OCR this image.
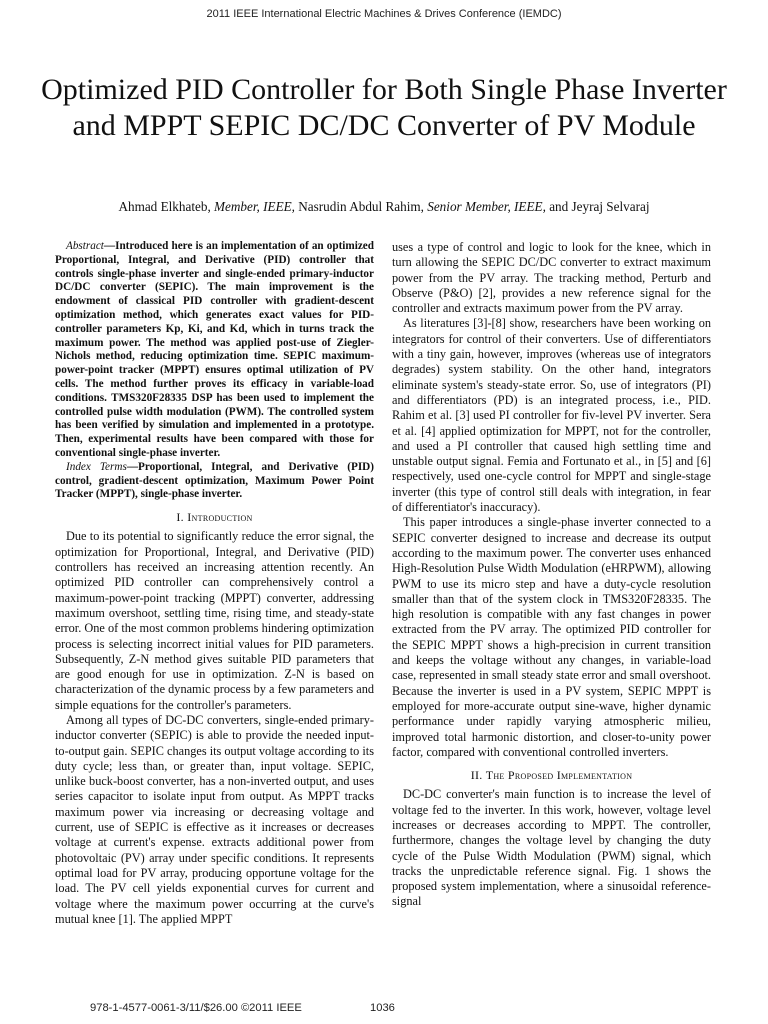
2011 IEEE International Electric Machines & Drives Conference (IEMDC)
Optimized PID Controller for Both Single Phase Inverter and MPPT SEPIC DC/DC Converter of PV Module
Ahmad Elkhateb, Member, IEEE, Nasrudin Abdul Rahim, Senior Member, IEEE, and Jeyraj Selvaraj

Abstract—Introduced here is an implementation of an optimized Proportional, Integral, and Derivative (PID) controller that controls single-phase inverter and single-ended primary-inductor DC/DC converter (SEPIC). The main improvement is the endowment of classical PID controller with gradient-descent optimization method, which generates exact values for PID-controller parameters Kp, Ki, and Kd, which in turns track the maximum power. The method was applied post-use of Ziegler-Nichols method, reducing optimization time. SEPIC maximum-power-point tracker (MPPT) ensures optimal utilization of PV cells. The method further proves its efficacy in variable-load conditions. TMS320F28335 DSP has been used to implement the controlled pulse width modulation (PWM). The controlled system has been verified by simulation and implemented in a prototype. Then, experimental results have been compared with those for conventional single-phase inverter.

Index Terms—Proportional, Integral, and Derivative (PID) control, gradient-descent optimization, Maximum Power Point Tracker (MPPT), single-phase inverter.

I. Introduction

Due to its potential to significantly reduce the error signal, the optimization for Proportional, Integral, and Derivative (PID) controllers has received an increasing attention recently. An optimized PID controller can comprehensively control a maximum-power-point tracking (MPPT) converter, addressing maximum overshoot, settling time, rising time, and steady-state error. One of the most common problems hindering optimization process is selecting incorrect initial values for PID parameters. Subsequently, Z-N method gives suitable PID parameters that are good enough for use in optimization. Z-N is based on characterization of the dynamic process by a few parameters and simple equations for the controller's parameters.

Among all types of DC-DC converters, single-ended primary-inductor converter (SEPIC) is able to provide the needed input-to-output gain. SEPIC changes its output voltage according to its duty cycle; less than, or greater than, input voltage. SEPIC, unlike buck-boost converter, has a non-inverted output, and uses series capacitor to isolate input from output. As MPPT tracks maximum power via increasing or decreasing voltage and current, use of SEPIC is effective as it increases or decreases voltage at current's expense. extracts additional power from photovoltaic (PV) array under specific conditions. It represents optimal load for PV array, producing opportune voltage for the load. The PV cell yields exponential curves for current and voltage where the maximum power occurring at the curve's mutual knee [1]. The applied MPPT

uses a type of control and logic to look for the knee, which in turn allowing the SEPIC DC/DC converter to extract maximum power from the PV array. The tracking method, Perturb and Observe (P&O) [2], provides a new reference signal for the controller and extracts maximum power from the PV array.

As literatures [3]-[8] show, researchers have been working on integrators for control of their converters. Use of differentiators with a tiny gain, however, improves (whereas use of integrators degrades) system stability. On the other hand, integrators eliminate system's steady-state error. So, use of integrators (PI) and differentiators (PD) is an integrated process, i.e., PID. Rahim et al. [3] used PI controller for fiv-level PV inverter. Sera et al. [4] applied optimization for MPPT, not for the controller, and used a PI controller that caused high settling time and unstable output signal. Femia and Fortunato et al., in [5] and [6] respectively, used one-cycle control for MPPT and single-stage inverter (this type of control still deals with integration, in fear of differentiator's inaccuracy).

This paper introduces a single-phase inverter connected to a SEPIC converter designed to increase and decrease its output according to the maximum power. The converter uses enhanced High-Resolution Pulse Width Modulation (eHRPWM), allowing PWM to use its micro step and have a duty-cycle resolution smaller than that of the system clock in TMS320F28335. The high resolution is compatible with any fast changes in power extracted from the PV array. The optimized PID controller for the SEPIC MPPT shows a high-precision in current transition and keeps the voltage without any changes, in variable-load case, represented in small steady state error and small overshoot. Because the inverter is used in a PV system, SEPIC MPPT is employed for more-accurate output sine-wave, higher dynamic performance under rapidly varying atmospheric milieu, improved total harmonic distortion, and closer-to-unity power factor, compared with conventional controlled inverters.

II. The Proposed Implementation

DC-DC converter's main function is to increase the level of voltage fed to the inverter. In this work, however, voltage level increases or decreases according to MPPT. The controller, furthermore, changes the voltage level by changing the duty cycle of the Pulse Width Modulation (PWM) signal, which tracks the unpredictable reference signal. Fig. 1 shows the proposed system implementation, where a sinusoidal reference-signal

978-1-4577-0061-3/11/$26.00 ©2011 IEEE	1036
